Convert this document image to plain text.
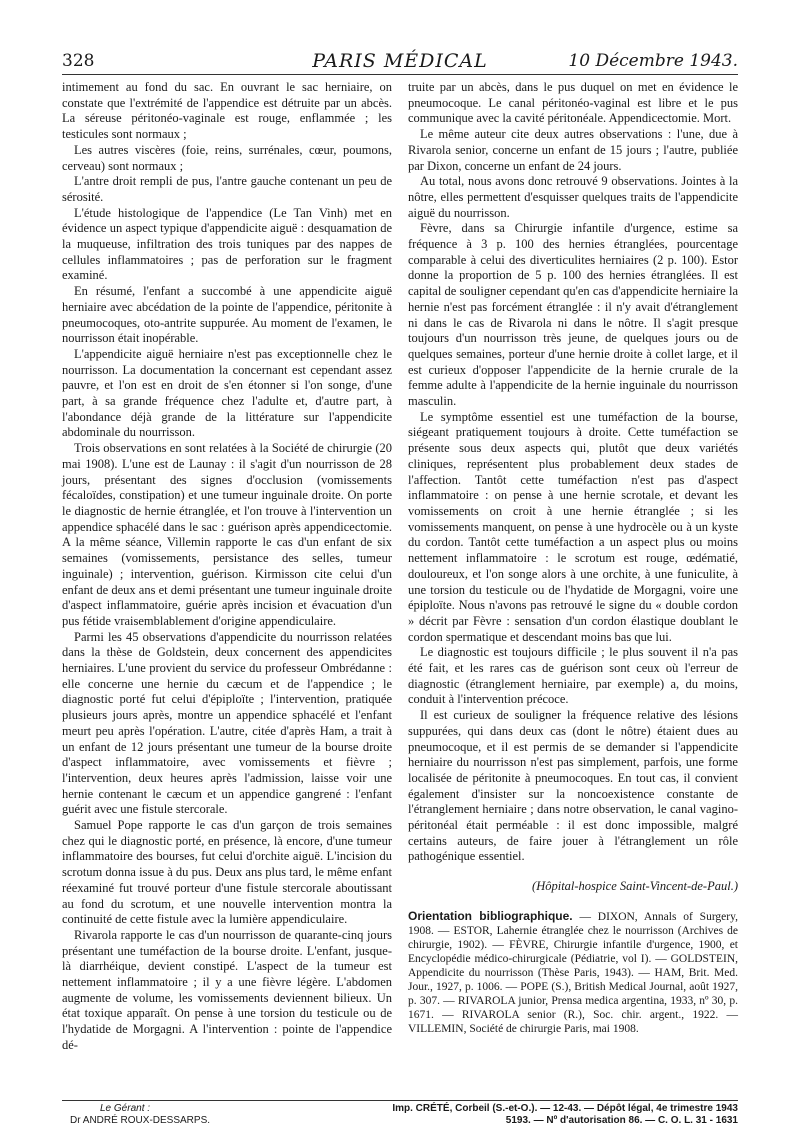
328	PARIS MÉDICAL	10 Décembre 1943.

intimement au fond du sac. En ouvrant le sac herniaire, on constate que l'extrémité de l'appendice est détruite par un abcès. La séreuse péritonéo-vaginale est rouge, enflammée ; les testicules sont normaux ;

Les autres viscères (foie, reins, surrénales, cœur, poumons, cerveau) sont normaux ;

L'antre droit rempli de pus, l'antre gauche contenant un peu de sérosité.

L'étude histologique de l'appendice (Le Tan Vinh) met en évidence un aspect typique d'appendicite aiguë : desquamation de la muqueuse, infiltration des trois tuniques par des nappes de cellules inflammatoires ; pas de perforation sur le fragment examiné.

En résumé, l'enfant a succombé à une appendicite aiguë herniaire avec abcédation de la pointe de l'appendice, péritonite à pneumocoques, oto-antrite suppurée. Au moment de l'examen, le nourrisson était inopérable.

L'appendicite aiguë herniaire n'est pas exceptionnelle chez le nourrisson. La documentation la concernant est cependant assez pauvre, et l'on est en droit de s'en étonner si l'on songe, d'une part, à sa grande fréquence chez l'adulte et, d'autre part, à l'abondance déjà grande de la littérature sur l'appendicite abdominale du nourrisson.

Trois observations en sont relatées à la Société de chirurgie (20 mai 1908). L'une est de Launay : il s'agit d'un nourrisson de 28 jours, présentant des signes d'occlusion (vomissements fécaloïdes, constipation) et une tumeur inguinale droite. On porte le diagnostic de hernie étranglée, et l'on trouve à l'intervention un appendice sphacélé dans le sac : guérison après appendicectomie. A la même séance, Villemin rapporte le cas d'un enfant de six semaines (vomissements, persistance des selles, tumeur inguinale) ; intervention, guérison. Kirmisson cite celui d'un enfant de deux ans et demi présentant une tumeur inguinale droite d'aspect inflammatoire, guérie après incision et évacuation d'un pus fétide vraisemblablement d'origine appendiculaire.

Parmi les 45 observations d'appendicite du nourrisson relatées dans la thèse de Goldstein, deux concernent des appendicites herniaires. L'une provient du service du professeur Ombrédanne : elle concerne une hernie du cæcum et de l'appendice ; le diagnostic porté fut celui d'épiploïte ; l'intervention, pratiquée plusieurs jours après, montre un appendice sphacélé et l'enfant meurt peu après l'opération. L'autre, citée d'après Ham, a trait à un enfant de 12 jours présentant une tumeur de la bourse droite d'aspect inflammatoire, avec vomissements et fièvre ; l'intervention, deux heures après l'admission, laisse voir une hernie contenant le cæcum et un appendice gangrené : l'enfant guérit avec une fistule stercorale.

Samuel Pope rapporte le cas d'un garçon de trois semaines chez qui le diagnostic porté, en présence, là encore, d'une tumeur inflammatoire des bourses, fut celui d'orchite aiguë. L'incision du scrotum donna issue à du pus. Deux ans plus tard, le même enfant réexaminé fut trouvé porteur d'une fistule stercorale aboutissant au fond du scrotum, et une nouvelle intervention montra la continuité de cette fistule avec la lumière appendiculaire.

Rivarola rapporte le cas d'un nourrisson de quarante-cinq jours présentant une tuméfaction de la bourse droite. L'enfant, jusque-là diarrhéique, devient constipé. L'aspect de la tumeur est nettement inflammatoire ; il y a une fièvre légère. L'abdomen augmente de volume, les vomissements deviennent bilieux. Un état toxique apparaît. On pense à une torsion du testicule ou de l'hydatide de Morgagni. A l'intervention : pointe de l'appendice dé-

truite par un abcès, dans le pus duquel on met en évidence le pneumocoque. Le canal péritonéo-vaginal est libre et le pus communique avec la cavité péritonéale. Appendicectomie. Mort.

Le même auteur cite deux autres observations : l'une, due à Rivarola senior, concerne un enfant de 15 jours ; l'autre, publiée par Dixon, concerne un enfant de 24 jours.

Au total, nous avons donc retrouvé 9 observations. Jointes à la nôtre, elles permettent d'esquisser quelques traits de l'appendicite aiguë du nourrisson.

Fèvre, dans sa Chirurgie infantile d'urgence, estime sa fréquence à 3 p. 100 des hernies étranglées, pourcentage comparable à celui des diverticulites herniaires (2 p. 100). Estor donne la proportion de 5 p. 100 des hernies étranglées. Il est capital de souligner cependant qu'en cas d'appendicite herniaire la hernie n'est pas forcément étranglée : il n'y avait d'étranglement ni dans le cas de Rivarola ni dans le nôtre. Il s'agit presque toujours d'un nourrisson très jeune, de quelques jours ou de quelques semaines, porteur d'une hernie droite à collet large, et il est curieux d'opposer l'appendicite de la hernie crurale de la femme adulte à l'appendicite de la hernie inguinale du nourrisson masculin.

Le symptôme essentiel est une tuméfaction de la bourse, siégeant pratiquement toujours à droite. Cette tuméfaction se présente sous deux aspects qui, plutôt que deux variétés cliniques, représentent plus probablement deux stades de l'affection. Tantôt cette tuméfaction n'est pas d'aspect inflammatoire : on pense à une hernie scrotale, et devant les vomissements on croit à une hernie étranglée ; si les vomissements manquent, on pense à une hydrocèle ou à un kyste du cordon. Tantôt cette tuméfaction a un aspect plus ou moins nettement inflammatoire : le scrotum est rouge, œdématié, douloureux, et l'on songe alors à une orchite, à une funiculite, à une torsion du testicule ou de l'hydatide de Morgagni, voire une épiploïte. Nous n'avons pas retrouvé le signe du « double cordon » décrit par Fèvre : sensation d'un cordon élastique doublant le cordon spermatique et descendant moins bas que lui.

Le diagnostic est toujours difficile ; le plus souvent il n'a pas été fait, et les rares cas de guérison sont ceux où l'erreur de diagnostic (étranglement herniaire, par exemple) a, du moins, conduit à l'intervention précoce.

Il est curieux de souligner la fréquence relative des lésions suppurées, qui dans deux cas (dont le nôtre) étaient dues au pneumocoque, et il est permis de se demander si l'appendicite herniaire du nourrisson n'est pas simplement, parfois, une forme localisée de péritonite à pneumocoques. En tout cas, il convient également d'insister sur la noncoexistence constante de l'étranglement herniaire ; dans notre observation, le canal vagino-péritonéal était perméable : il est donc impossible, malgré certains auteurs, de faire jouer à l'étranglement un rôle pathogénique essentiel.

(Hôpital-hospice Saint-Vincent-de-Paul.)

Orientation bibliographique. — DIXON, Annals of Surgery, 1908. — ESTOR, Lahernie étranglée chez le nourrisson (Archives de chirurgie, 1902). — FÈVRE, Chirurgie infantile d'urgence, 1900, et Encyclopédie médico-chirurgicale (Pédiatrie, vol I). — GOLDSTEIN, Appendicite du nourrisson (Thèse Paris, 1943). — HAM, Brit. Med. Jour., 1927, p. 1006. — POPE (S.), British Medical Journal, août 1927, p. 307. — RIVAROLA junior, Prensa medica argentina, 1933, nº 30, p. 1671. — RIVAROLA senior (R.), Soc. chir. argent., 1922. — VILLEMIN, Société de chirurgie Paris, mai 1908.

Le Gérant :
Dr ANDRÉ ROUX-DESSARPS.
Imp. CRÉTÉ, Corbeil (S.-et-O.). — 12-43. — Dépôt légal, 4e trimestre 1943
5193. — Nº d'autorisation 86. — C. O. L. 31 - 1631
